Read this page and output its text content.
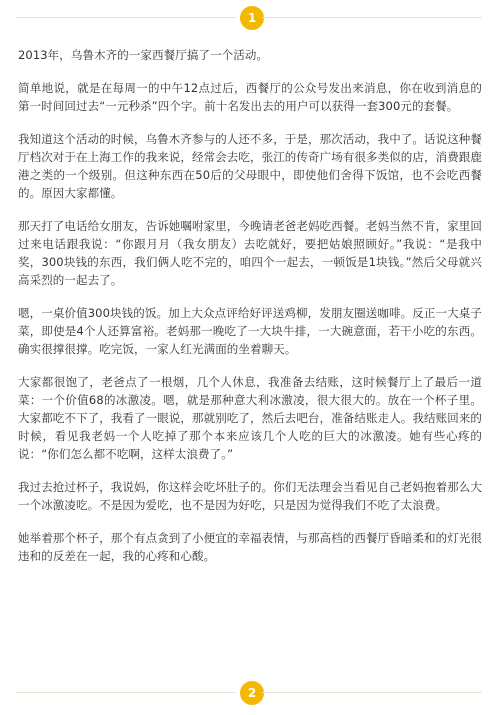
1

2013年，乌鲁木齐的一家西餐厅搞了一个活动。

简单地说，就是在每周一的中午12点过后，西餐厅的公众号发出来消息，你在收到消息的第一时间回过去“一元秒杀”四个字。前十名发出去的用户可以获得一套300元的套餐。

我知道这个活动的时候，乌鲁木齐参与的人还不多，于是，那次活动，我中了。话说这种餐厅档次对于在上海工作的我来说，经常会去吃，张江的传奇广场有很多类似的店，消费跟鹿港之类的一个级别。但这种东西在50后的父母眼中，即使他们舍得下饭馆，也不会吃西餐的。原因大家都懂。

那天打了电话给女朋友，告诉她嘱咐家里，今晚请老爸老妈吃西餐。老妈当然不肯，家里回过来电话跟我说：“你跟月月（我女朋友）去吃就好，要把姑娘照顾好。”我说：“是我中奖，300块钱的东西，我们俩人吃不完的，咱四个一起去，一顿饭是1块钱。”然后父母就兴高采烈的一起去了。

嗯，一桌价值300块钱的饭。加上大众点评给好评送鸡柳，发朋友圈送咖啡。反正一大桌子菜，即使是4个人还算富裕。老妈那一晚吃了一大块牛排，一大碗意面，若干小吃的东西。确实很撑很撑。吃完饭，一家人红光满面的坐着聊天。

大家都很饱了，老爸点了一根烟，几个人休息，我准备去结账，这时候餐厅上了最后一道菜：一个价值68的冰激凌。嗯，就是那种意大利冰激凌，很大很大的。放在一个杯子里。大家都吃不下了，我看了一眼说，那就别吃了，然后去吧台，准备结账走人。我结账回来的时候，看见我老妈一个人吃掉了那个本来应该几个人吃的巨大的冰激凌。她有些心疼的说：“你们怎么都不吃啊，这样太浪费了。”

我过去抢过杯子，我说妈，你这样会吃坏肚子的。你们无法理会当看见自己老妈抱着那么大一个冰激凌吃。不是因为爱吃，也不是因为好吃，只是因为觉得我们不吃了太浪费。

她举着那个杯子，那个有点贪到了小便宜的幸福表情，与那高档的西餐厅昏暗柔和的灯光很违和的反差在一起，我的心疼和心酸。

2
